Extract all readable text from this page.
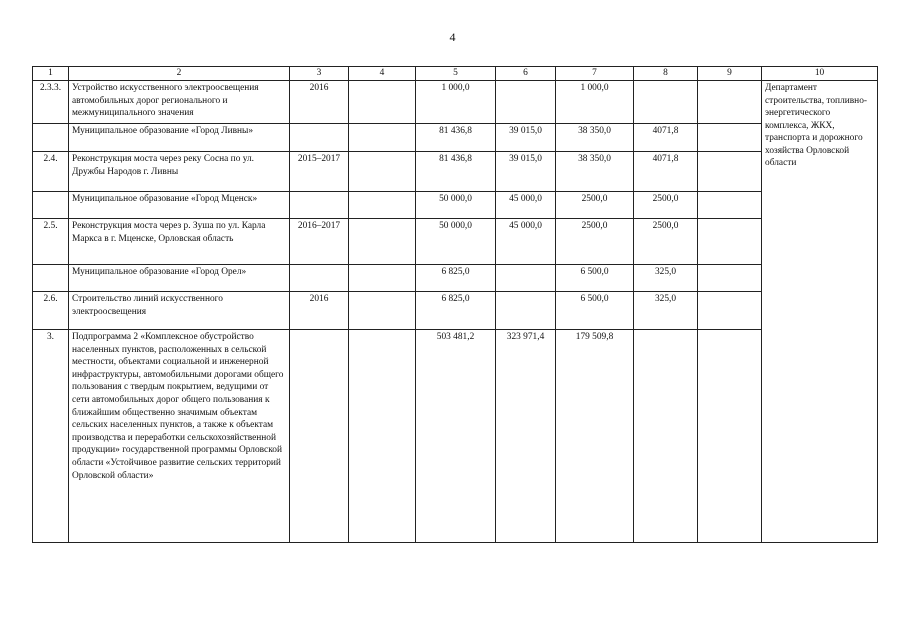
4
1	2	3	4	5	6	7	8	9	10
2.3.3.	Устройство искусственного электроосвещения автомобильных дорог регионального и межмуниципального значения	2016		1 000,0		1 000,0			Департамент строительства, топливно-энергетического комплекса, ЖКХ, транспорта и дорожного хозяйства Орловской области
	Муниципальное образование «Город Ливны»			81 436,8	39 015,0	38 350,0	4071,8		
2.4.	Реконструкция моста через реку Сосна по ул. Дружбы Народов г. Ливны	2015–2017		81 436,8	39 015,0	38 350,0	4071,8		
	Муниципальное образование «Город Мценск»			50 000,0	45 000,0	2500,0	2500,0		
2.5.	Реконструкция моста через р. Зуша по ул. Карла Маркса в г. Мценске, Орловская область	2016–2017		50 000,0	45 000,0	2500,0	2500,0		
	Муниципальное образование «Город Орел»			6 825,0		6 500,0	325,0		
2.6.	Строительство линий искусственного электроосвещения	2016		6 825,0		6 500,0	325,0		
3.	Подпрограмма 2 «Комплексное обустройство населенных пунктов, расположенных в сельской местности, объектами социальной и инженерной инфраструктуры, автомобильными дорогами общего пользования с твердым покрытием, ведущими от сети автомобильных дорог общего пользования к ближайшим общественно значимым объектам сельских населенных пунктов, а также к объектам производства и переработки сельскохозяйственной продукции» государственной программы Орловской области «Устойчивое развитие сельских территорий Орловской области»			503 481,2	323 971,4	179 509,8			
